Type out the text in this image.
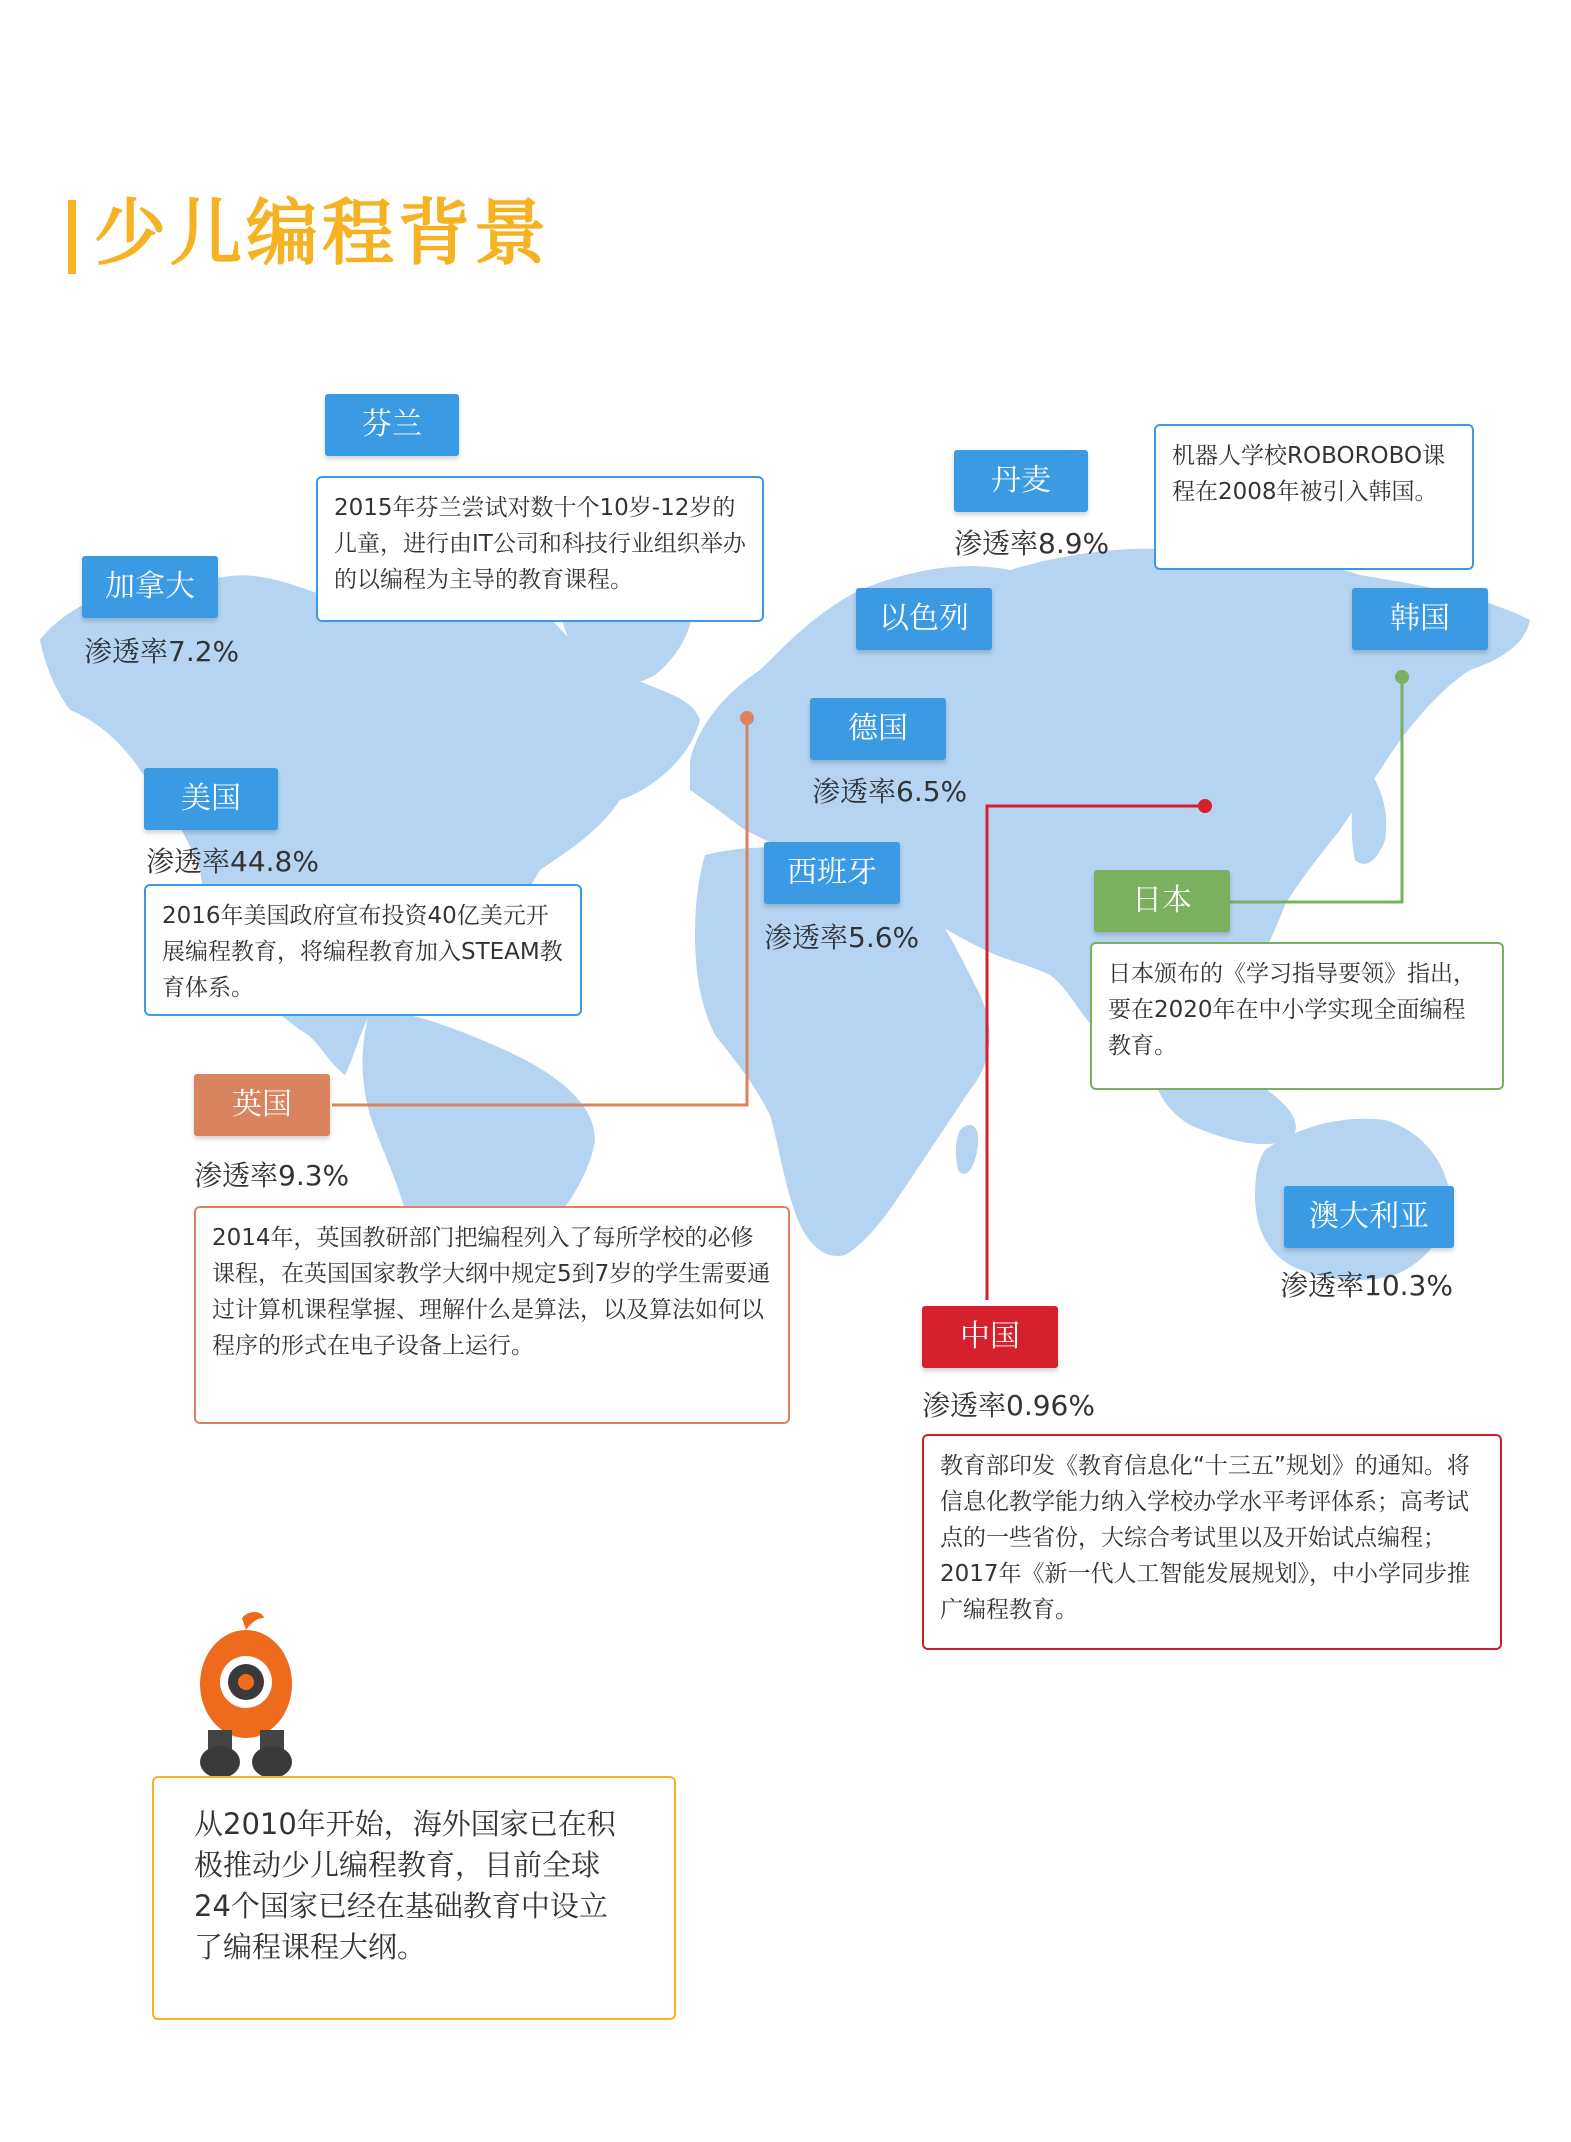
少儿编程背景
芬兰
2015年芬兰尝试对数十个10岁-12岁的儿童，进行由IT公司和科技行业组织举办的以编程为主导的教育课程。
加拿大
渗透率7.2%
美国
渗透率44.8%
2016年美国政府宣布投资40亿美元开展编程教育，将编程教育加入STEAM教育体系。
英国
渗透率9.3%
2014年，英国教研部门把编程列入了每所学校的必修课程，在英国国家教学大纲中规定5到7岁的学生需要通过计算机课程掌握、理解什么是算法，以及算法如何以程序的形式在电子设备上运行。
丹麦
渗透率8.9%
以色列
德国
渗透率6.5%
西班牙
渗透率5.6%
机器人学校ROBOROBO课程在2008年被引入韩国。
韩国
日本
日本颁布的《学习指导要领》指出，要在2020年在中小学实现全面编程教育。
澳大利亚
渗透率10.3%
中国
渗透率0.96%
教育部印发《教育信息化“十三五”规划》的通知。将信息化教学能力纳入学校办学水平考评体系；高考试点的一些省份，大综合考试里以及开始试点编程；2017年《新一代人工智能发展规划》，中小学同步推广编程教育。
从2010年开始，海外国家已在积极推动少儿编程教育，目前全球24个国家已经在基础教育中设立了编程课程大纲。
